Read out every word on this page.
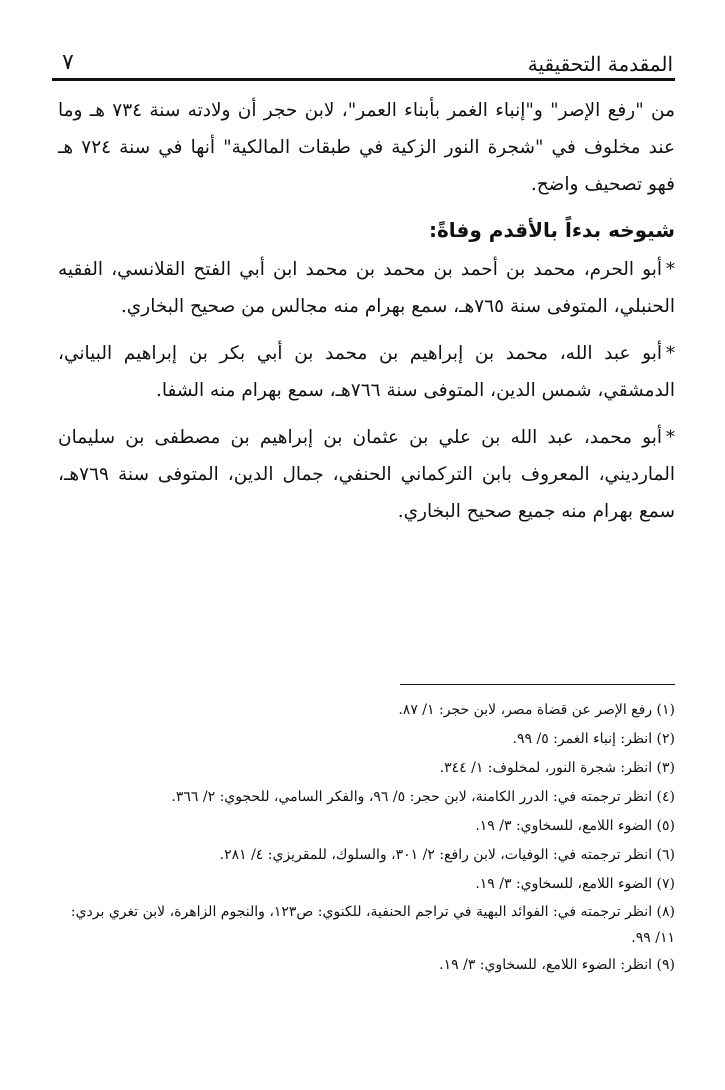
المقدمة التحقيقية
٧

من "رفع الإصر" و"إنباء الغمر بأبناء العمر"، لابن حجر أن ولادته سنة ٧٣٤ هـ وما عند مخلوف في "شجرة النور الزكية في طبقات المالكية" أنها في سنة ٧٢٤ هـ فهو تصحيف واضح.

شيوخه بدءاً بالأقدم وفاةً:

*أبو الحرم، محمد بن أحمد بن محمد بن محمد ابن أبي الفتح القلانسي، الفقيه الحنبلي، المتوفى سنة ٧٦٥هـ، سمع بهرام منه مجالس من صحيح البخاري.

*أبو عبد الله، محمد بن إبراهيم بن محمد بن أبي بكر بن إبراهيم البياني، الدمشقي، شمس الدين، المتوفى سنة ٧٦٦هـ، سمع بهرام منه الشفا.

*أبو محمد، عبد الله بن علي بن عثمان بن إبراهيم بن مصطفى بن سليمان المارديني، المعروف بابن التركماني الحنفي، جمال الدين، المتوفى سنة ٧٦٩هـ، سمع بهرام منه جميع صحيح البخاري.

(١) رفع الإصر عن قضاة مصر، لابن حجر: ١/ ٨٧.
(٢) انظر: إنباء الغمر: ٥/ ٩٩.
(٣) انظر: شجرة النور، لمخلوف: ١/ ٣٤٤.
(٤) انظر ترجمته في: الدرر الكامنة، لابن حجر: ٥/ ٩٦، والفكر السامي، للحجوي: ٢/ ٣٦٦.
(٥) الضوء اللامع، للسخاوي: ٣/ ١٩.
(٦) انظر ترجمته في: الوفيات، لابن رافع: ٢/ ٣٠١، والسلوك، للمقريزي: ٤/ ٢٨١.
(٧) الضوء اللامع، للسخاوي: ٣/ ١٩.
(٨) انظر ترجمته في: الفوائد البهية في تراجم الحنفية، للكنوي: ص١٢٣، والنجوم الزاهرة، لابن تغري بردي: ١١/ ٩٩.
(٩) انظر: الضوء اللامع، للسخاوي: ٣/ ١٩.
